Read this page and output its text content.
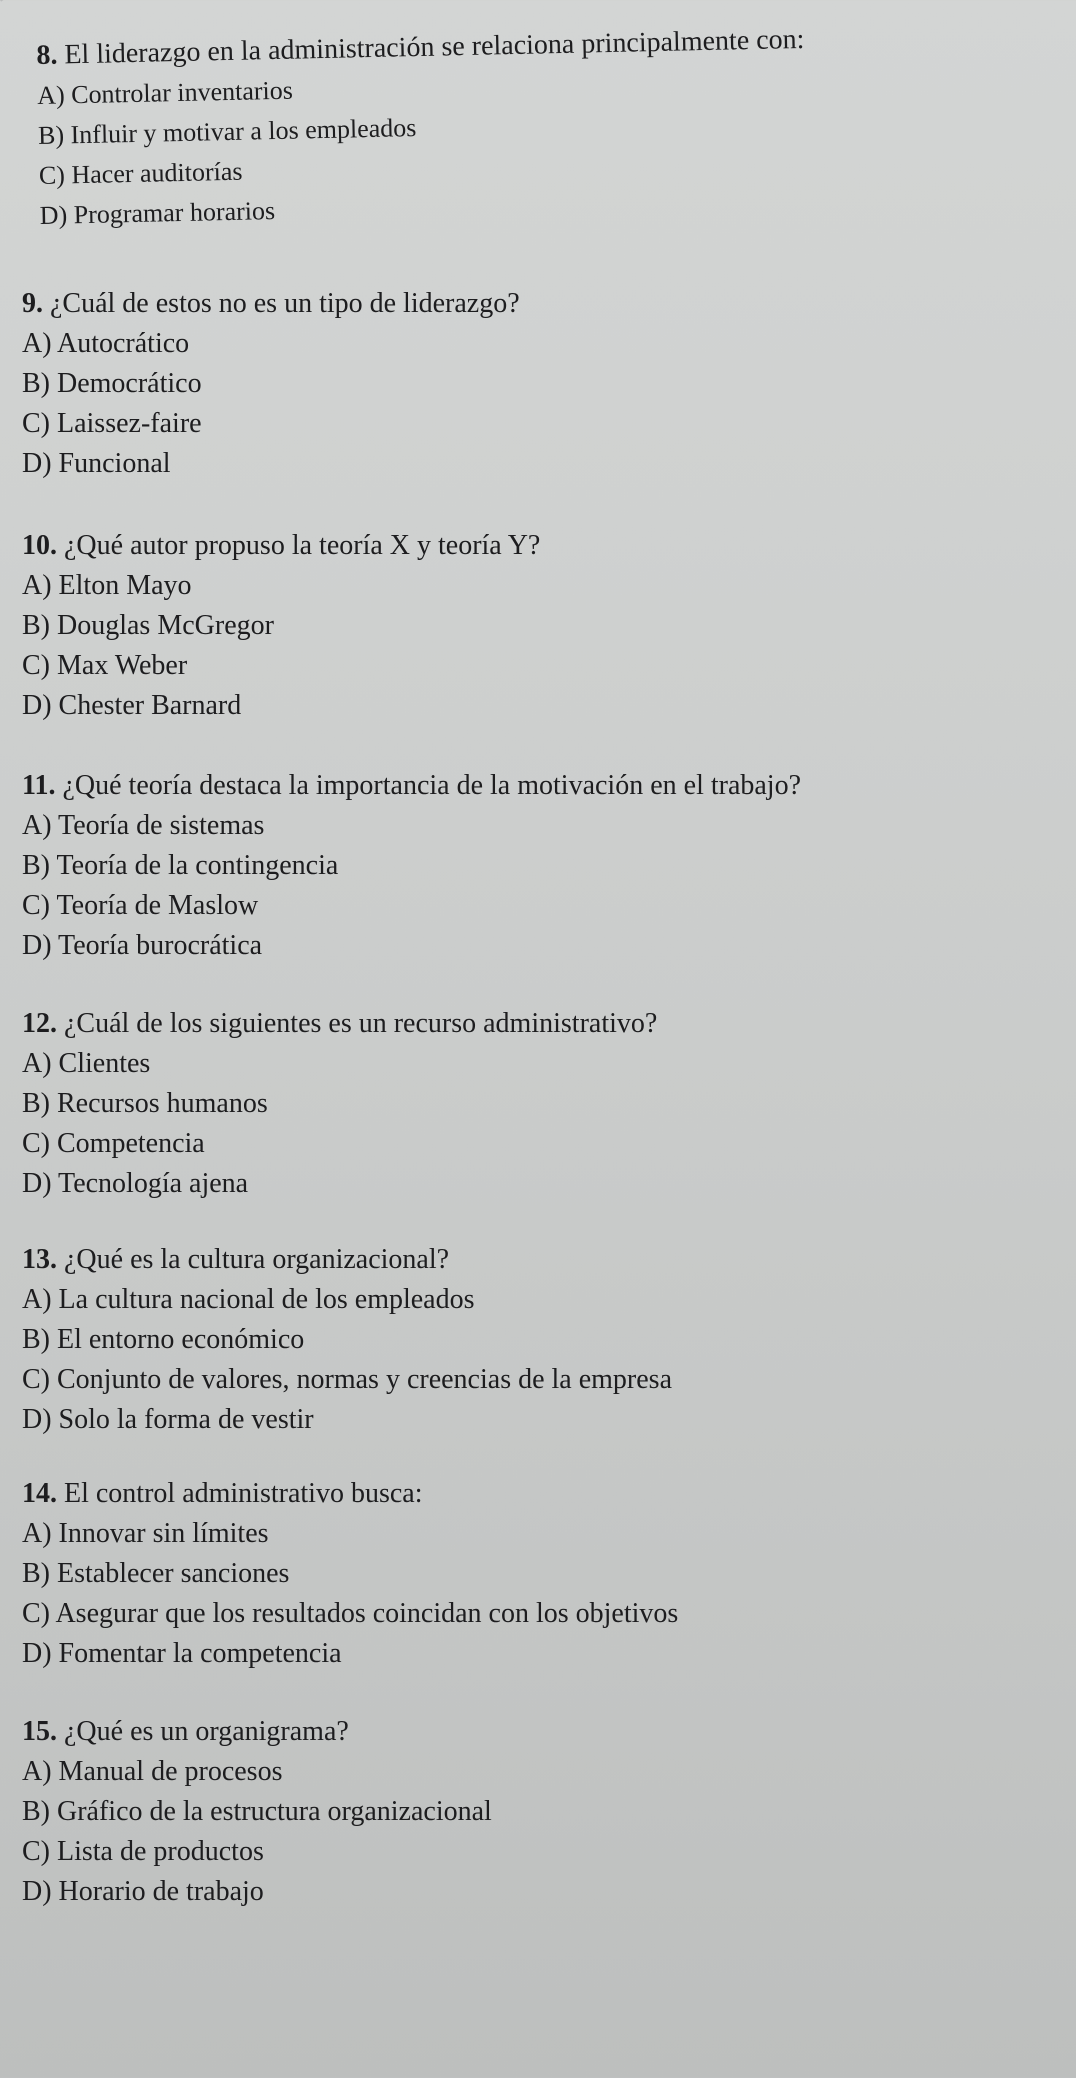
8. El liderazgo en la administración se relaciona principalmente con:
A) Controlar inventarios
B) Influir y motivar a los empleados
C) Hacer auditorías
D) Programar horarios
9. ¿Cuál de estos no es un tipo de liderazgo?
A) Autocrático
B) Democrático
C) Laissez-faire
D) Funcional
10. ¿Qué autor propuso la teoría X y teoría Y?
A) Elton Mayo
B) Douglas McGregor
C) Max Weber
D) Chester Barnard
11. ¿Qué teoría destaca la importancia de la motivación en el trabajo?
A) Teoría de sistemas
B) Teoría de la contingencia
C) Teoría de Maslow
D) Teoría burocrática
12. ¿Cuál de los siguientes es un recurso administrativo?
A) Clientes
B) Recursos humanos
C) Competencia
D) Tecnología ajena
13. ¿Qué es la cultura organizacional?
A) La cultura nacional de los empleados
B) El entorno económico
C) Conjunto de valores, normas y creencias de la empresa
D) Solo la forma de vestir
14. El control administrativo busca:
A) Innovar sin límites
B) Establecer sanciones
C) Asegurar que los resultados coincidan con los objetivos
D) Fomentar la competencia
15. ¿Qué es un organigrama?
A) Manual de procesos
B) Gráfico de la estructura organizacional
C) Lista de productos
D) Horario de trabajo
